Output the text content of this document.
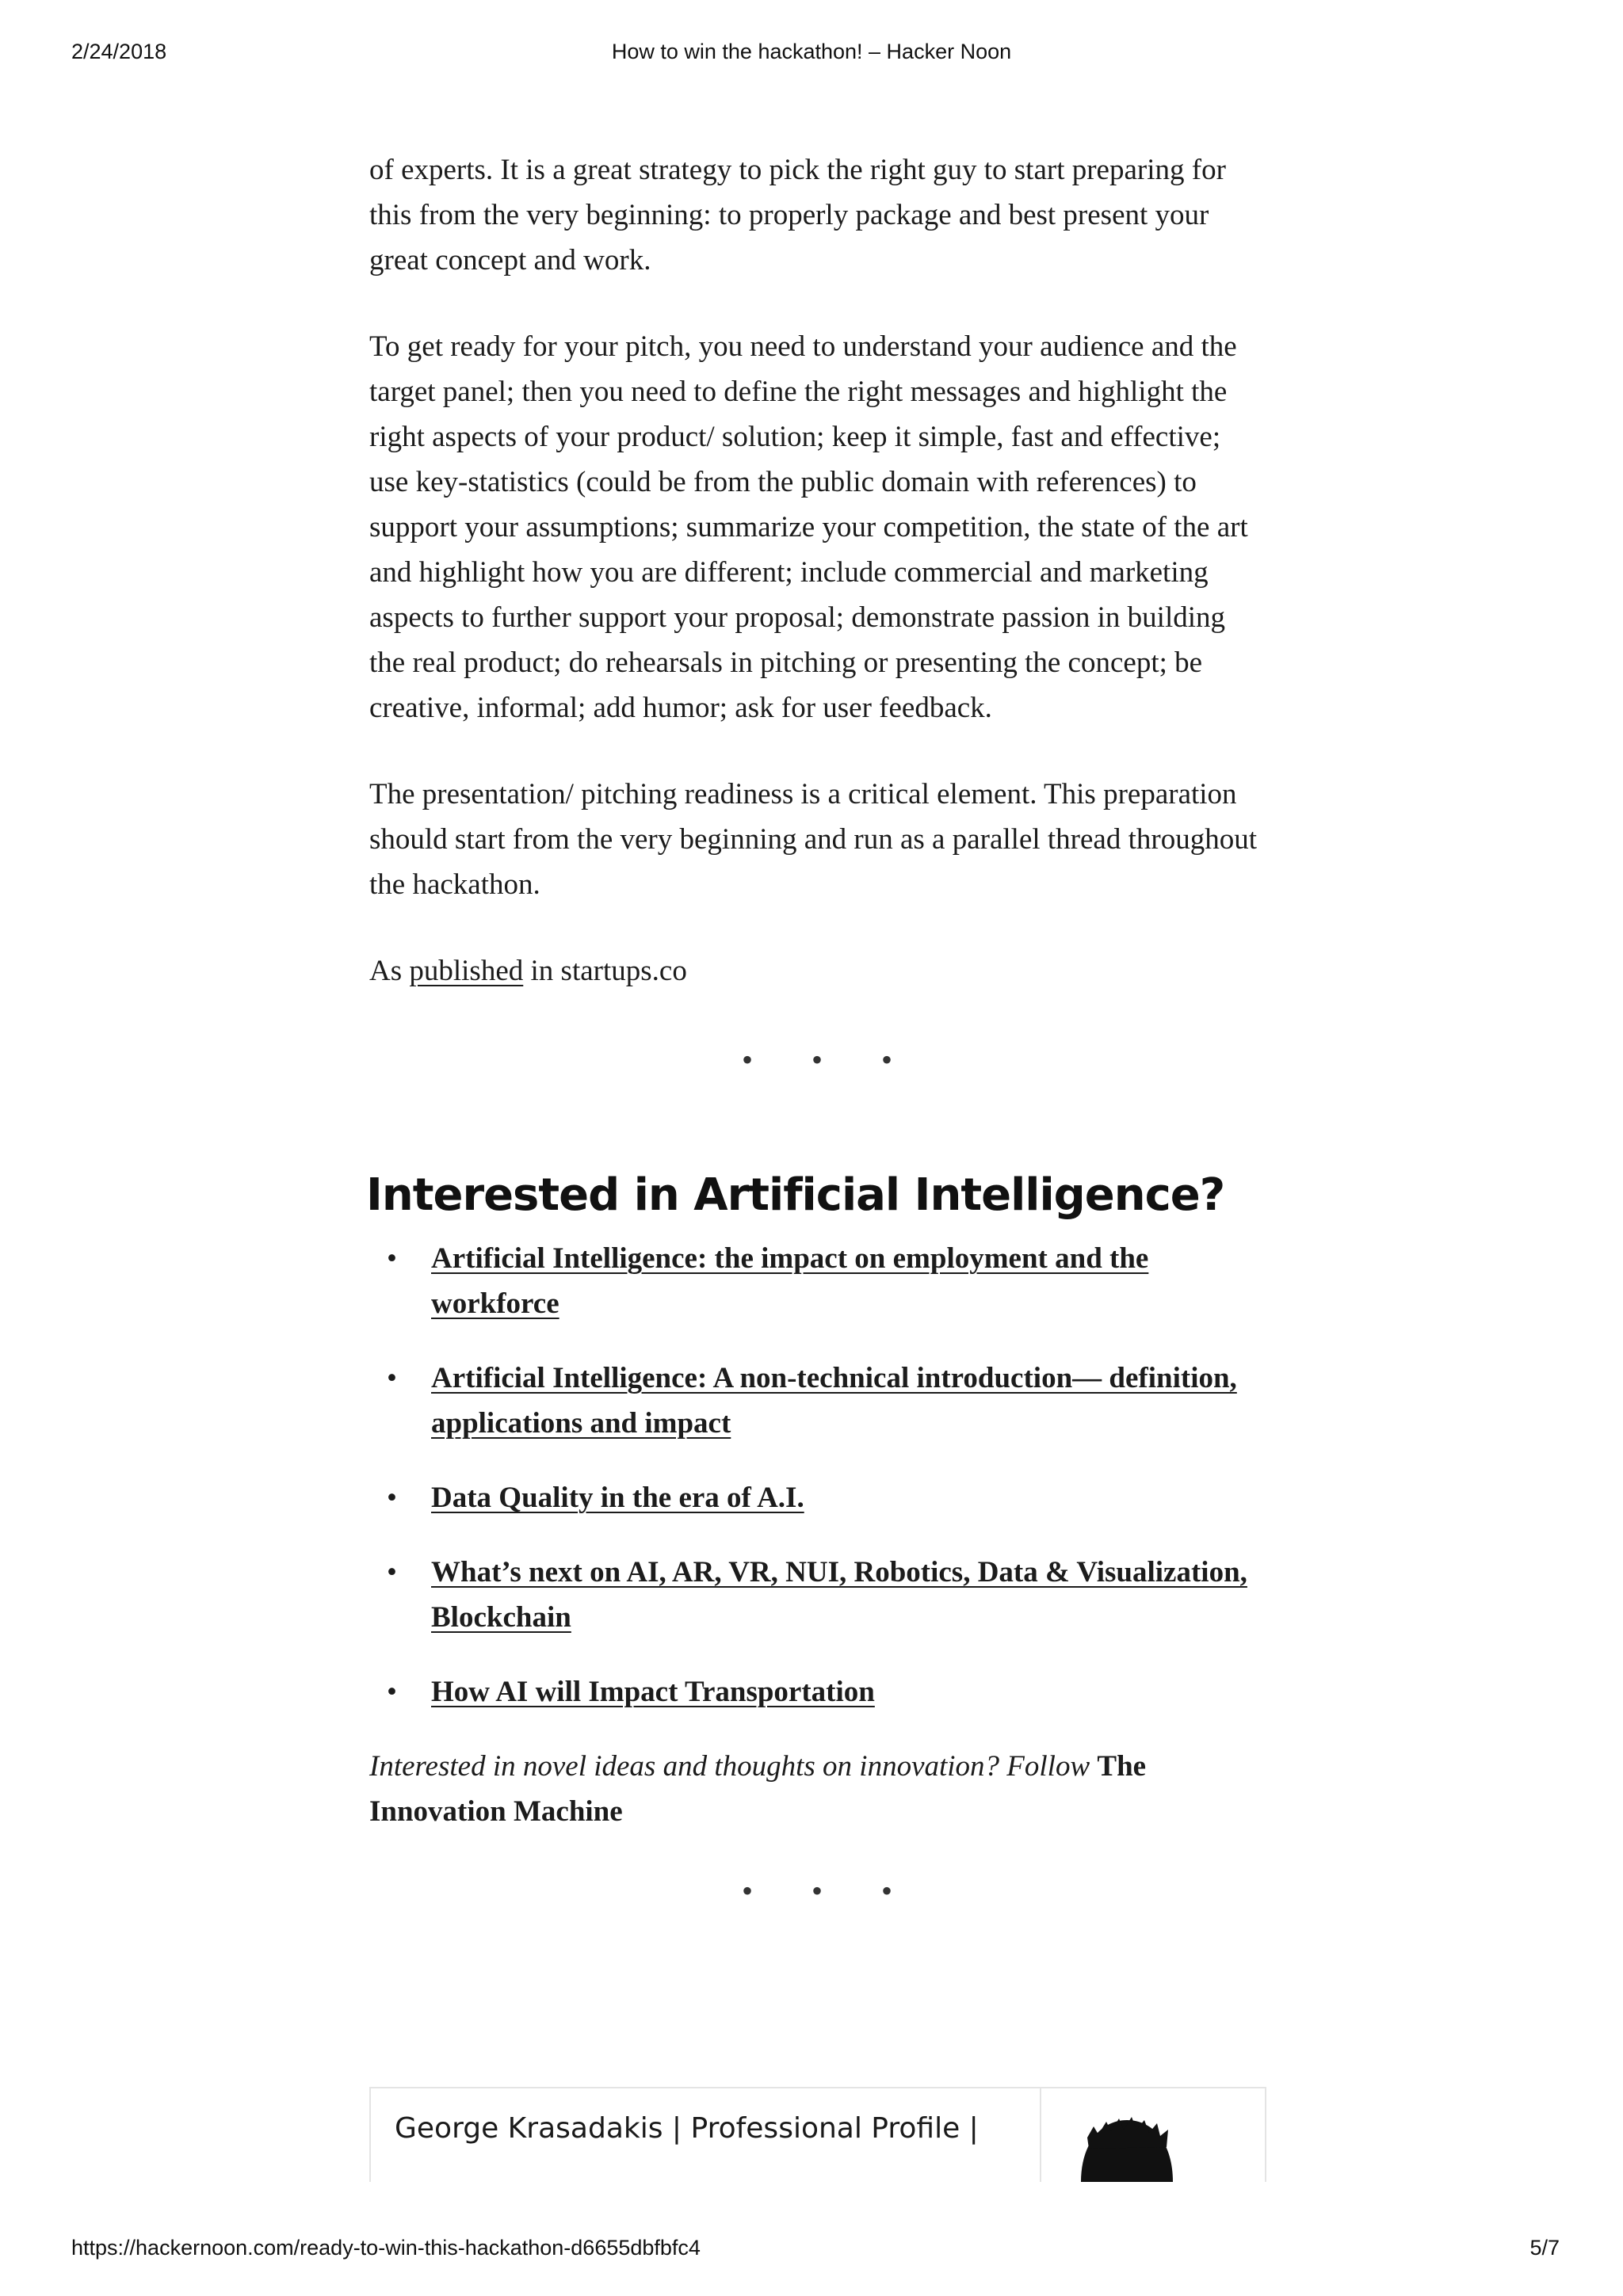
How to win the hackathon! – Hacker Noon
2/24/2018

of experts. It is a great strategy to pick the right guy to start preparing for this from the very beginning: to properly package and best present your great concept and work.

To get ready for your pitch, you need to understand your audience and the target panel; then you need to define the right messages and highlight the right aspects of your product/ solution; keep it simple, fast and effective; use key-statistics (could be from the public domain with references) to support your assumptions; summarize your competition, the state of the art and highlight how you are different; include commercial and marketing aspects to further support your proposal; demonstrate passion in building the real product; do rehearsals in pitching or presenting the concept; be creative, informal; add humor; ask for user feedback.

The presentation/ pitching readiness is a critical element. This preparation should start from the very beginning and run as a parallel thread throughout the hackathon.

As published in startups.co

• • •
Interested in Artificial Intelligence?
• Artificial Intelligence: the impact on employment and the workforce
• Artificial Intelligence: A non-technical introduction— definition, applications and impact
• Data Quality in the era of A.I.
• What’s next on AI, AR, VR, NUI, Robotics, Data & Visualization, Blockchain
• How AI will Impact Transportation

Interested in novel ideas and thoughts on innovation? Follow The Innovation Machine

• • •
George Krasadakis | Professional Profile |
https://hackernoon.com/ready-to-win-this-hackathon-d6655dbfbfc4	5/7
